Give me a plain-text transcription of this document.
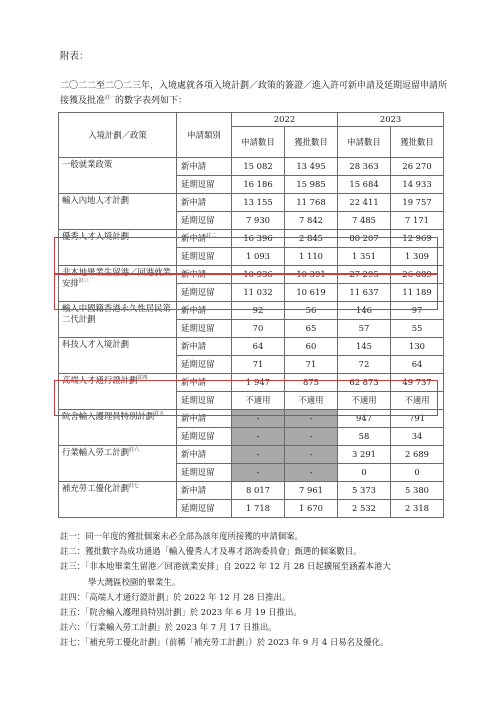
附表：
二〇二二至二〇二三年，入境處就各項入境計劃／政策的簽證／進入許可新申請及延期逗留申請所接獲及批准$^{註一}$的數字表列如下：
入境計劃／政策	申請類別	2022		2023	
		申請數目	獲批數目	申請數目	獲批數目
一般就業政策	新申請	15 082	13 495	28 363	26 270
	延期逗留	16 186	15 985	15 684	14 933
輸入內地人才計劃	新申請	13 155	11 768	22 411	19 757
	延期逗留	7 930	7 842	7 485	7 171
優秀人才入境計劃	新申請$^{註二}$	16 396	2 845	80 207	12 969
	延期逗留	1 093	1 110	1 351	1 309
非本地畢業生留港／回港就業安排$^{註三}$	新申請	10 936	10 391	27 295	26 089
	延期逗留	11 032	10 619	11 637	11 189
輸入中國籍香港永久性居民第二代計劃	新申請	92	56	146	97
	延期逗留	70	65	57	55
科技人才入境計劃	新申請	64	60	145	130
	延期逗留	71	71	72	64
高端人才通行證計劃$^{註四}$	新申請	1 947	875	62 873	49 737
	延期逗留	不適用	不適用	不適用	不適用
院舍輸入護理員特別計劃$^{註五}$	新申請	-	-	947	791
	延期逗留	-	-	58	34
行業輸入勞工計劃$^{註六}$	新申請	-	-	3 291	2 689
	延期逗留	-	-	0	0
補充勞工優化計劃$^{註七}$	新申請	8 017	7 961	5 373	5 380
	延期逗留	1 718	1 670	2 532	2 318
註一：同一年度的獲批個案未必全部為該年度所接獲的申請個案。
註二：獲批數字為成功通過「輸入優秀人才及專才諮詢委員會」甄選的個案數目。
註三：「非本地畢業生留港／回港就業安排」自 2022 年 12 月 28 日起擴展至涵蓋本港大
學大灣區校園的畢業生。
註四：「高端人才通行證計劃」於 2022 年 12 月 28 日推出。
註五：「院舍輸入護理員特別計劃」於 2023 年 6 月 19 日推出。
註六：「行業輸入勞工計劃」於 2023 年 7 月 17 日推出。
註七：「補充勞工優化計劃」（前稱「補充勞工計劃」）於 2023 年 9 月 4 日易名及優化。
